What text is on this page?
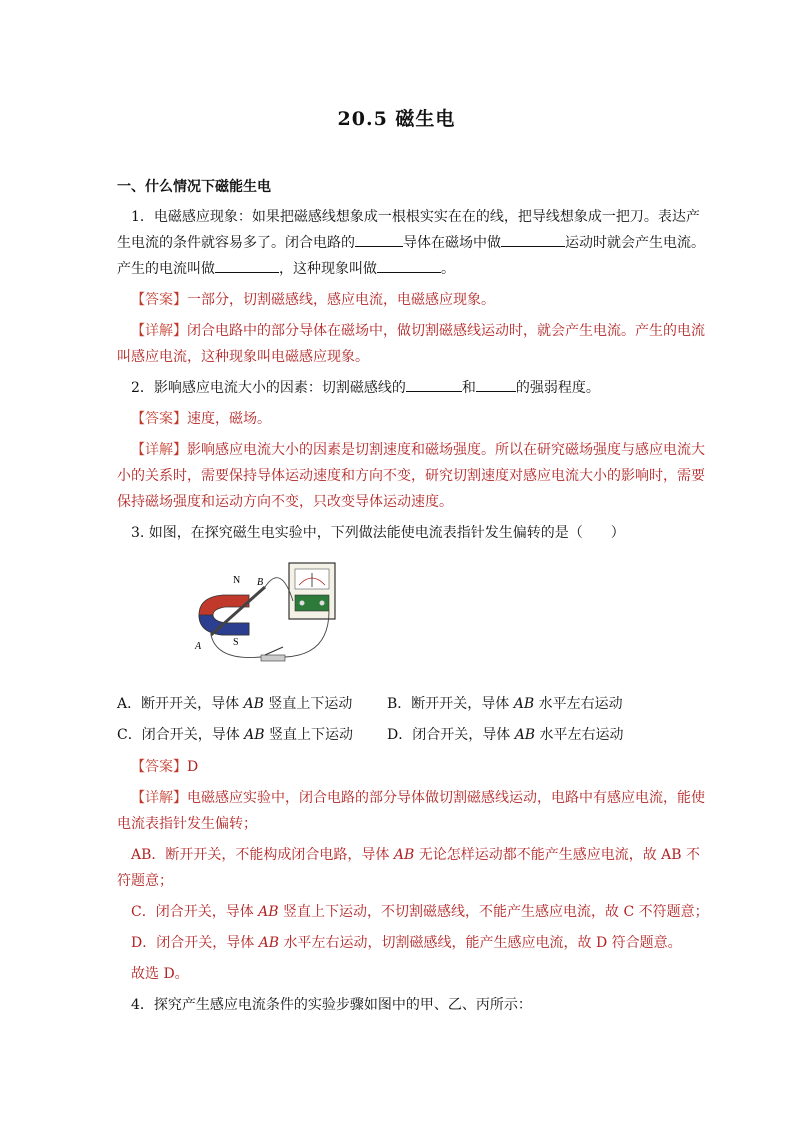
20.5 磁生电

一、什么情况下磁能生电

1．电磁感应现象：如果把磁感线想象成一根根实实在在的线，把导线想象成一把刀。表达产生电流的条件就容易多了。闭合电路的	导体在磁场中做	运动时就会产生电流。产生的电流叫做	，这种现象叫做	。

【答案】一部分，切割磁感线，感应电流，电磁感应现象。

【详解】闭合电路中的部分导体在磁场中，做切割磁感线运动时，就会产生电流。产生的电流叫感应电流，这种现象叫电磁感应现象。

2．影响感应电流大小的因素：切割磁感线的	和	的强弱程度。

【答案】速度，磁场。

【详解】影响感应电流大小的因素是切割速度和磁场强度。所以在研究磁场强度与感应电流大小的关系时，需要保持导体运动速度和方向不变，研究切割速度对感应电流大小的影响时，需要保持磁场强度和运动方向不变，只改变导体运动速度。

3. 如图，在探究磁生电实验中，下列做法能使电流表指针发生偏转的是（　　）

N
S
A
B
A．断开开关，导体 AB 竖直上下运动	B．断开开关，导体 AB 水平左右运动
C．闭合开关，导体 AB 竖直上下运动	D．闭合开关，导体 AB 水平左右运动

【答案】D

【详解】电磁感应实验中，闭合电路的部分导体做切割磁感线运动，电路中有感应电流，能使电流表指针发生偏转；

AB．断开开关，不能构成闭合电路，导体 AB 无论怎样运动都不能产生感应电流，故 AB 不符题意；

C．闭合开关，导体 AB 竖直上下运动，不切割磁感线，不能产生感应电流，故 C 不符题意；

D．闭合开关，导体 AB 水平左右运动，切割磁感线，能产生感应电流，故 D 符合题意。

故选 D。

4．探究产生感应电流条件的实验步骤如图中的甲、乙、丙所示：
